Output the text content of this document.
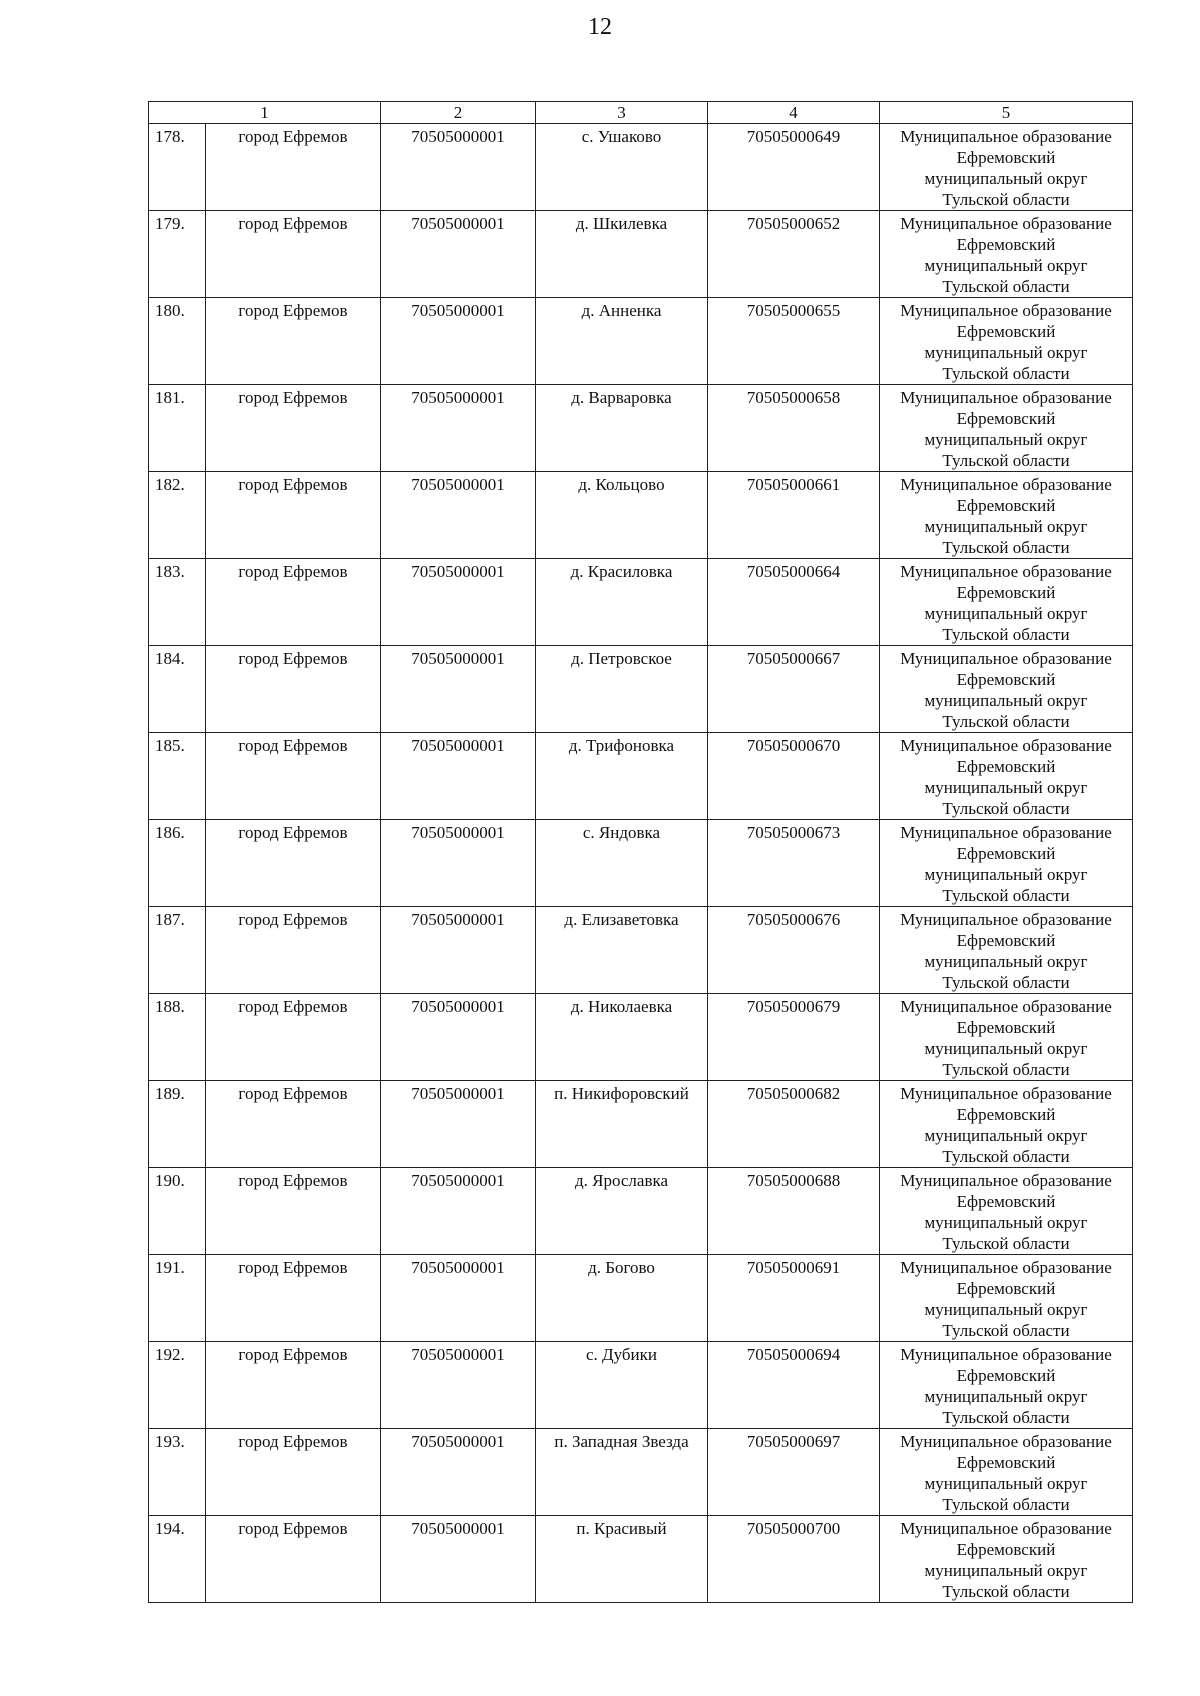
12
1		2	3	4	5
178.	город Ефремов	70505000001	с. Ушаково	70505000649	Муниципальное образование
Ефремовский
муниципальный округ
Тульской области

179.	город Ефремов	70505000001	д. Шкилевка	70505000652	Муниципальное образование
Ефремовский
муниципальный округ
Тульской области

180.	город Ефремов	70505000001	д. Анненка	70505000655	Муниципальное образование
Ефремовский
муниципальный округ
Тульской области

181.	город Ефремов	70505000001	д. Варваровка	70505000658	Муниципальное образование
Ефремовский
муниципальный округ
Тульской области

182.	город Ефремов	70505000001	д. Кольцово	70505000661	Муниципальное образование
Ефремовский
муниципальный округ
Тульской области

183.	город Ефремов	70505000001	д. Красиловка	70505000664	Муниципальное образование
Ефремовский
муниципальный округ
Тульской области

184.	город Ефремов	70505000001	д. Петровское	70505000667	Муниципальное образование
Ефремовский
муниципальный округ
Тульской области

185.	город Ефремов	70505000001	д. Трифоновка	70505000670	Муниципальное образование
Ефремовский
муниципальный округ
Тульской области

186.	город Ефремов	70505000001	с. Яндовка	70505000673	Муниципальное образование
Ефремовский
муниципальный округ
Тульской области

187.	город Ефремов	70505000001	д. Елизаветовка	70505000676	Муниципальное образование
Ефремовский
муниципальный округ
Тульской области

188.	город Ефремов	70505000001	д. Николаевка	70505000679	Муниципальное образование
Ефремовский
муниципальный округ
Тульской области

189.	город Ефремов	70505000001	п. Никифоровский	70505000682	Муниципальное образование
Ефремовский
муниципальный округ
Тульской области

190.	город Ефремов	70505000001	д. Ярославка	70505000688	Муниципальное образование
Ефремовский
муниципальный округ
Тульской области

191.	город Ефремов	70505000001	д. Богово	70505000691	Муниципальное образование
Ефремовский
муниципальный округ
Тульской области

192.	город Ефремов	70505000001	с. Дубики	70505000694	Муниципальное образование
Ефремовский
муниципальный округ
Тульской области

193.	город Ефремов	70505000001	п. Западная Звезда	70505000697	Муниципальное образование
Ефремовский
муниципальный округ
Тульской области

194.	город Ефремов	70505000001	п. Красивый	70505000700	Муниципальное образование
Ефремовский
муниципальный округ
Тульской области
